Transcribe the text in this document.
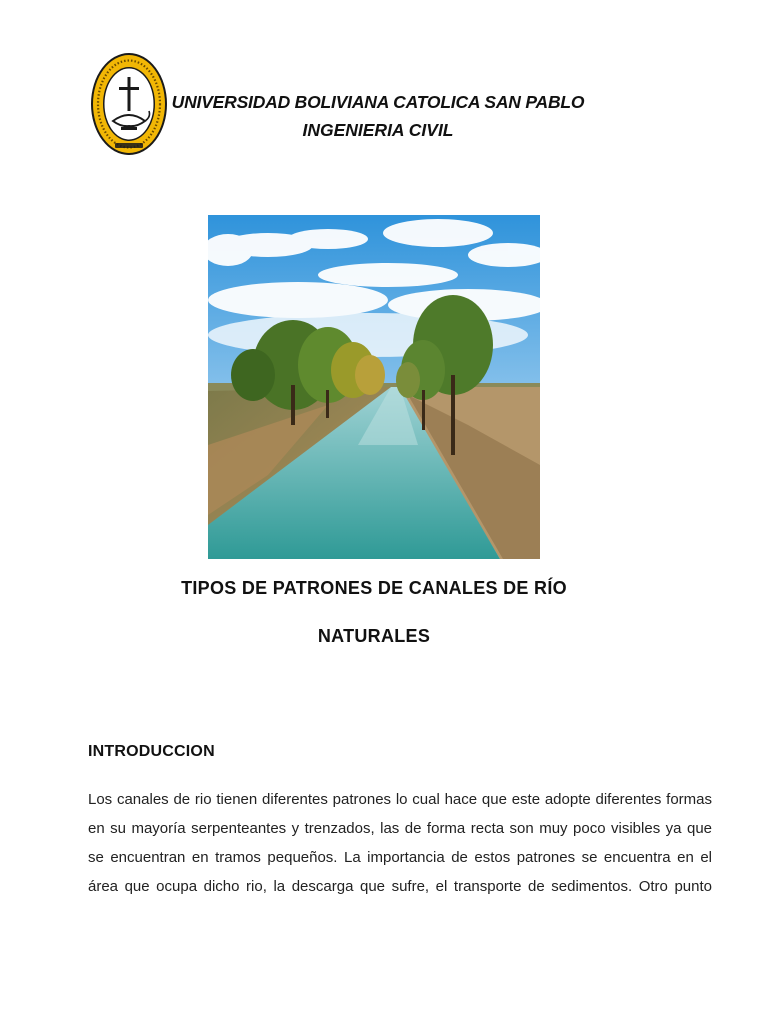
UNIVERSIDAD BOLIVIANA CATOLICA SAN PABLO
INGENIERIA CIVIL
TIPOS DE PATRONES DE CANALES DE RÍO
NATURALES
INTRODUCCION
Los canales de rio tienen diferentes patrones lo cual hace que este adopte diferentes formas
en su mayoría serpenteantes y trenzados, las de forma recta son muy poco visibles ya que
se encuentran en tramos pequeños. La importancia de estos patrones se encuentra en el
área que ocupa dicho rio, la descarga que sufre, el transporte de sedimentos. Otro punto
